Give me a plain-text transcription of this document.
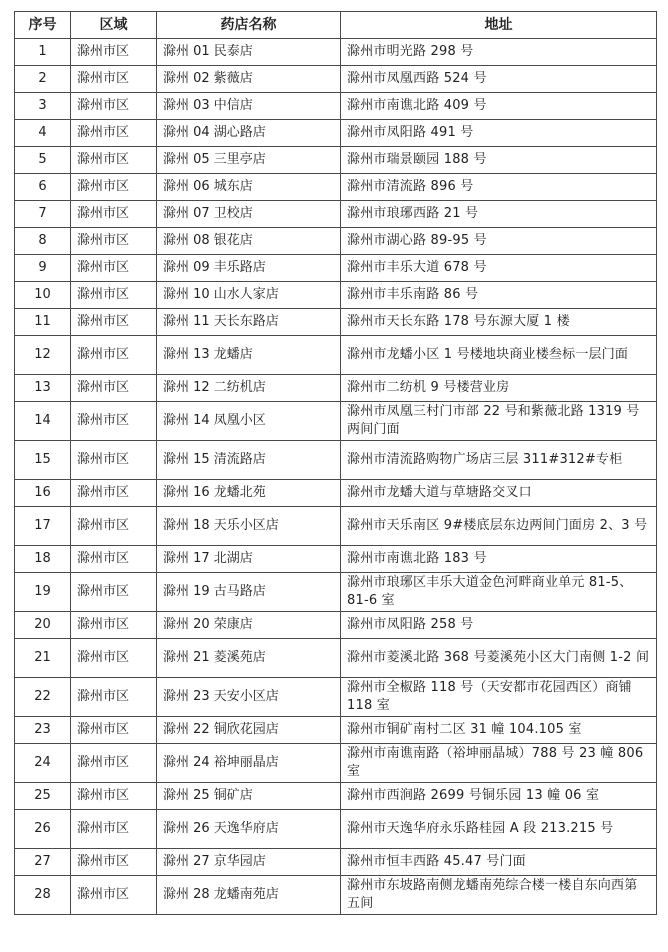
序号	区域	药店名称	地址
1	滁州市区	滁州 01 民泰店	滁州市明光路 298 号
2	滁州市区	滁州 02 紫薇店	滁州市凤凰西路 524 号
3	滁州市区	滁州 03 中信店	滁州市南谯北路 409 号
4	滁州市区	滁州 04 湖心路店	滁州市凤阳路 491 号
5	滁州市区	滁州 05 三里亭店	滁州市瑞景颐园 188 号
6	滁州市区	滁州 06 城东店	滁州市清流路 896 号
7	滁州市区	滁州 07 卫校店	滁州市琅琊西路 21 号
8	滁州市区	滁州 08 银花店	滁州市湖心路 89-95 号
9	滁州市区	滁州 09 丰乐路店	滁州市丰乐大道 678 号
10	滁州市区	滁州 10 山水人家店	滁州市丰乐南路 86 号
11	滁州市区	滁州 11 天长东路店	滁州市天长东路 178 号东源大厦 1 楼
12	滁州市区	滁州 13 龙蟠店	滁州市龙蟠小区 1 号楼地块商业楼叁标一层门面
13	滁州市区	滁州 12 二纺机店	滁州市二纺机 9 号楼营业房
14	滁州市区	滁州 14 凤凰小区	滁州市凤凰三村门市部 22 号和紫薇北路 1319 号两间门面
15	滁州市区	滁州 15 清流路店	滁州市清流路购物广场店三层 311#312#专柜
16	滁州市区	滁州 16 龙蟠北苑	滁州市龙蟠大道与草塘路交叉口
17	滁州市区	滁州 18 天乐小区店	滁州市天乐南区 9#楼底层东边两间门面房 2、3 号
18	滁州市区	滁州 17 北湖店	滁州市南谯北路 183 号
19	滁州市区	滁州 19 古马路店	滁州市琅琊区丰乐大道金色河畔商业单元 81-5、81-6 室
20	滁州市区	滁州 20 荣康店	滁州市凤阳路 258 号
21	滁州市区	滁州 21 菱溪苑店	滁州市菱溪北路 368 号菱溪苑小区大门南侧 1-2 间
22	滁州市区	滁州 23 天安小区店	滁州市全椒路 118 号（天安都市花园西区）商铺 118 室
23	滁州市区	滁州 22 铜欣花园店	滁州市铜矿南村二区 31 幢 104.105 室
24	滁州市区	滁州 24 裕坤丽晶店	滁州市南谯南路（裕坤丽晶城）788 号 23 幢 806 室
25	滁州市区	滁州 25 铜矿店	滁州市西涧路 2699 号铜乐园 13 幢 06 室
26	滁州市区	滁州 26 天逸华府店	滁州市天逸华府永乐路桂园 A 段 213.215 号
27	滁州市区	滁州 27 京华园店	滁州市恒丰西路 45.47 号门面
28	滁州市区	滁州 28 龙蟠南苑店	滁州市东坡路南侧龙蟠南苑综合楼一楼自东向西第五间
